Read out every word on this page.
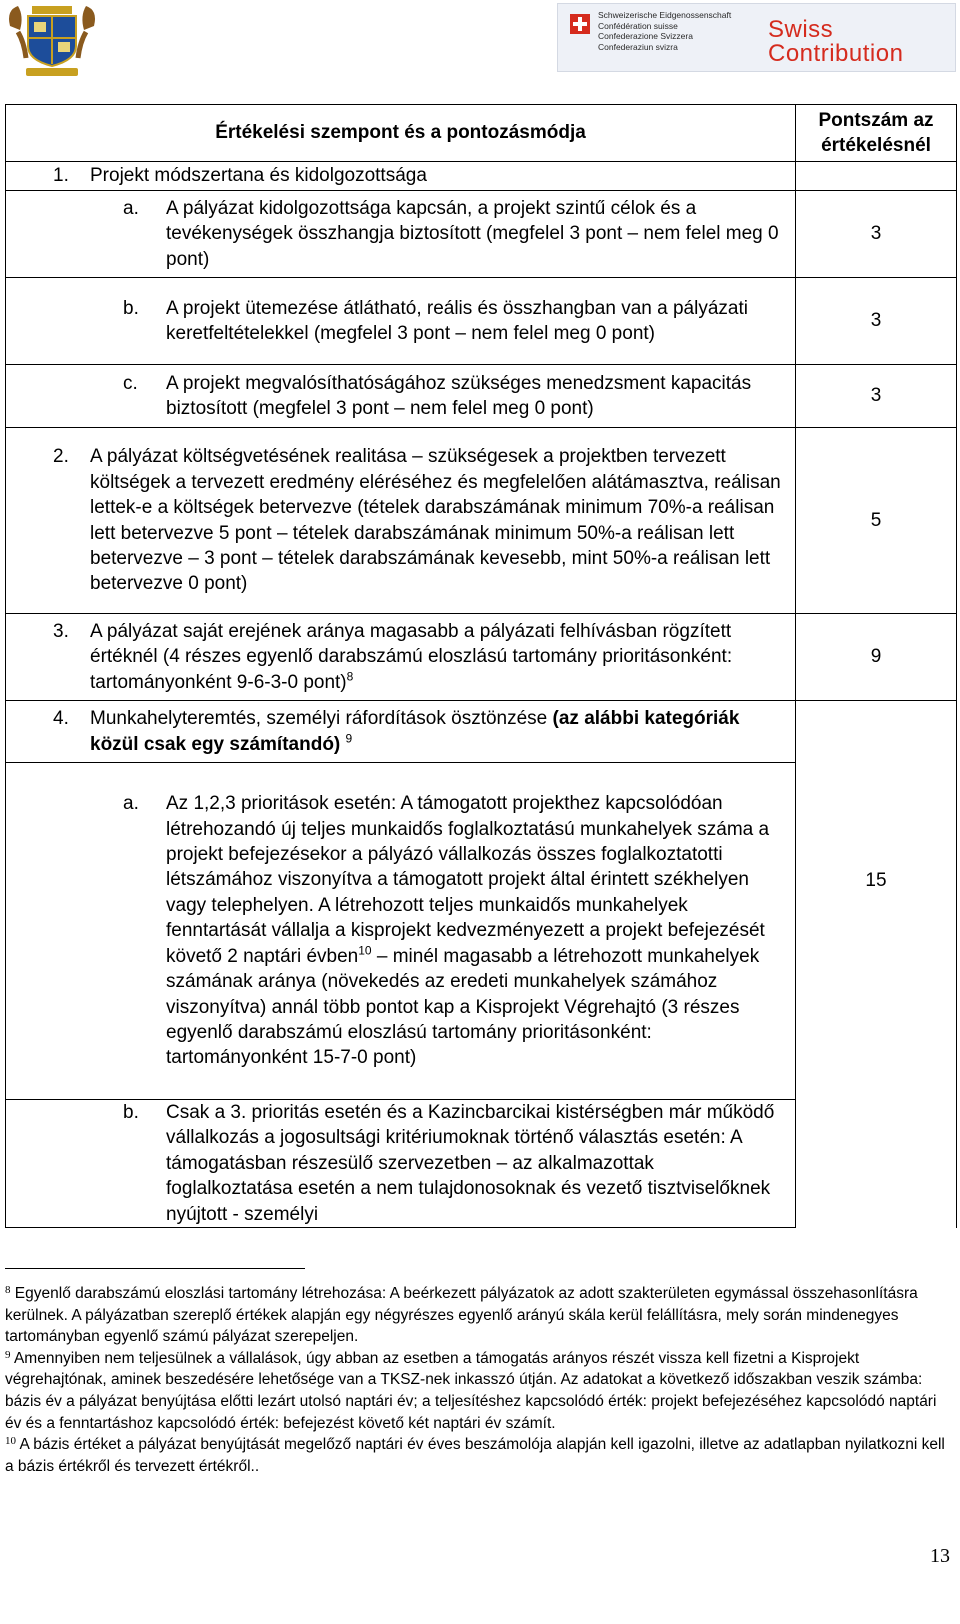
Schweizerische Eidgenossenschaft
Confédération suisse
Confederazione Svizzera
Confederaziun svizra
Swiss
Contribution
Értékelési szempont és a pontozásmódja	Pontszám az értékelésnél

1. Projekt módszertana és kidolgozottsága	

a. A pályázat kidolgozottsága kapcsán, a projekt szintű célok és a tevékenységek összhangja biztosított (megfelel 3 pont – nem felel meg 0 pont)	3

b. A projekt ütemezése átlátható, reális és összhangban van a pályázati keretfeltételekkel (megfelel 3 pont – nem felel meg 0 pont)	3

c. A projekt megvalósíthatóságához szükséges menedzsment kapacitás biztosított (megfelel 3 pont – nem felel meg 0 pont)	3

2. A pályázat költségvetésének realitása – szükségesek a projektben tervezett költségek a tervezett eredmény eléréséhez és megfelelően alátámasztva, reálisan lettek-e a költségek betervezve (tételek darabszámának minimum 70%-a reálisan lett betervezve 5 pont – tételek darabszámának minimum 50%-a reálisan lett betervezve – 3 pont – tételek darabszámának kevesebb, mint 50%-a reálisan lett betervezve 0 pont)	5

3. A pályázat saját erejének aránya magasabb a pályázati felhívásban rögzített értéknél (4 részes egyenlő darabszámú eloszlású tartomány prioritásonként: tartományonként 9-6-3-0 pont)$^8$	9

4. Munkahelyteremtés, személyi ráfordítások ösztönzése (az alábbi kategóriák közül csak egy számítandó) $^9$

a. Az 1,2,3 prioritások esetén: A támogatott projekthez kapcsolódóan létrehozandó új teljes munkaidős foglalkoztatású munkahelyek száma a projekt befejezésekor a pályázó vállalkozás összes foglalkoztatotti létszámához viszonyítva a támogatott projekt által érintett székhelyen vagy telephelyen. A létrehozott teljes munkaidős munkahelyek fenntartását vállalja a kisprojekt kedvezményezett a projekt befejezését követő 2 naptári évben$^{10}$ – minél magasabb a létrehozott munkahelyek számának aránya (növekedés az eredeti munkahelyek számához viszonyítva) annál több pontot kap a Kisprojekt Végrehajtó (3 részes egyenlő darabszámú eloszlású tartomány prioritásonként: tartományonként 15-7-0 pont)	15

b. Csak a 3. prioritás esetén és a Kazincbarcikai kistérségben már működő vállalkozás a jogosultsági kritériumoknak történő választás esetén: A támogatásban részesülő szervezetben – az alkalmazottak foglalkoztatása esetén a nem tulajdonosoknak és vezető tisztviselőknek nyújtott - személyi	
$^8$ Egyenlő darabszámú eloszlási tartomány létrehozása: A beérkezett pályázatok az adott szakterületen egymással összehasonlításra kerülnek. A pályázatban szereplő értékek alapján egy négyrészes egyenlő arányú skála kerül felállításra, mely során mindenegyes tartományban egyenlő számú pályázat szerepeljen.
$^9$ Amennyiben nem teljesülnek a vállalások, úgy abban az esetben a támogatás arányos részét vissza kell fizetni a Kisprojekt végrehajtónak, aminek beszedésére lehetősége van a TKSZ-nek inkasszó útján. Az adatokat a következő időszakban veszik számba: bázis év a pályázat benyújtása előtti lezárt utolsó naptári év; a teljesítéshez kapcsolódó érték: projekt befejezéséhez kapcsolódó naptári év és a fenntartáshoz kapcsolódó érték: befejezést követő két naptári év számít.
$^{10}$ A bázis értéket a pályázat benyújtását megelőző naptári év éves beszámolója alapján kell igazolni, illetve az adatlapban nyilatkozni kell a bázis értékről és tervezett értékről..
13
